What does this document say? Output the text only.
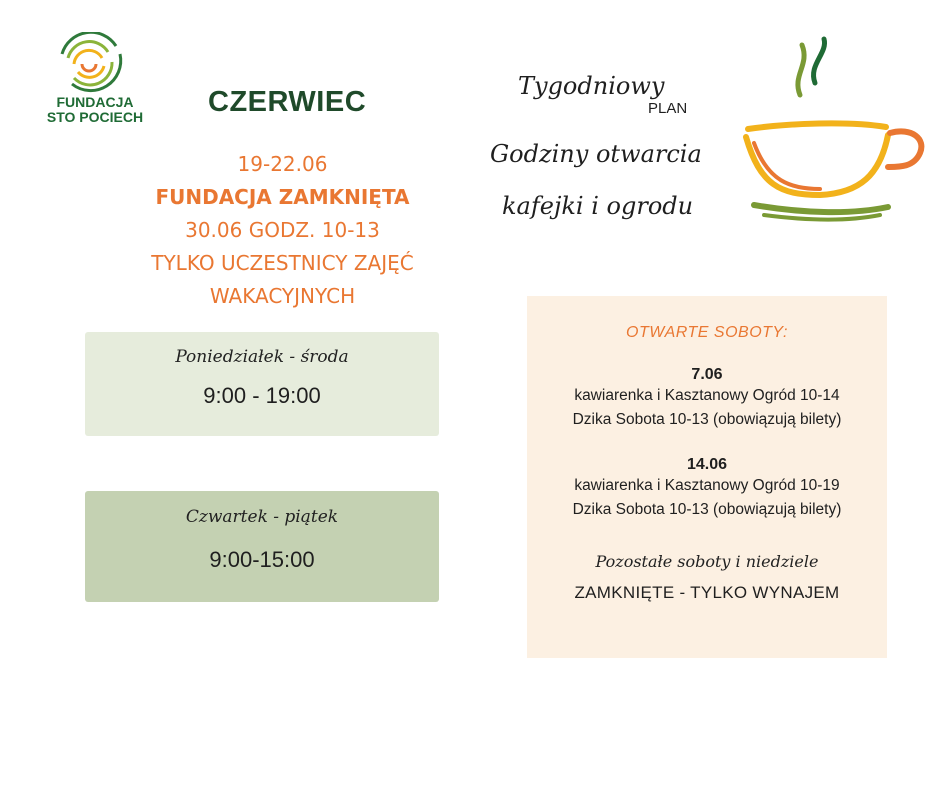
FUNDACJA
STO POCIECH CZERWIEC
19-22.06
FUNDACJA ZAMKNIĘTA
30.06 GODZ. 10-13
TYLKO UCZESTNICY ZAJĘĆ
WAKACYJNYCH
Tygodniowy
PLAN
Godziny otwarcia
kafejki i ogrodu
Poniedziałek - środa
9:00 - 19:00
Czwartek - piątek
9:00-15:00
OTWARTE SOBOTY:
7.06
kawiarenka i Kasztanowy Ogród 10-14
Dzika Sobota 10-13 (obowiązują bilety)
14.06
kawiarenka i Kasztanowy Ogród 10-19
Dzika Sobota 10-13 (obowiązują bilety)
Pozostałe soboty i niedziele
ZAMKNIĘTE - TYLKO WYNAJEM
